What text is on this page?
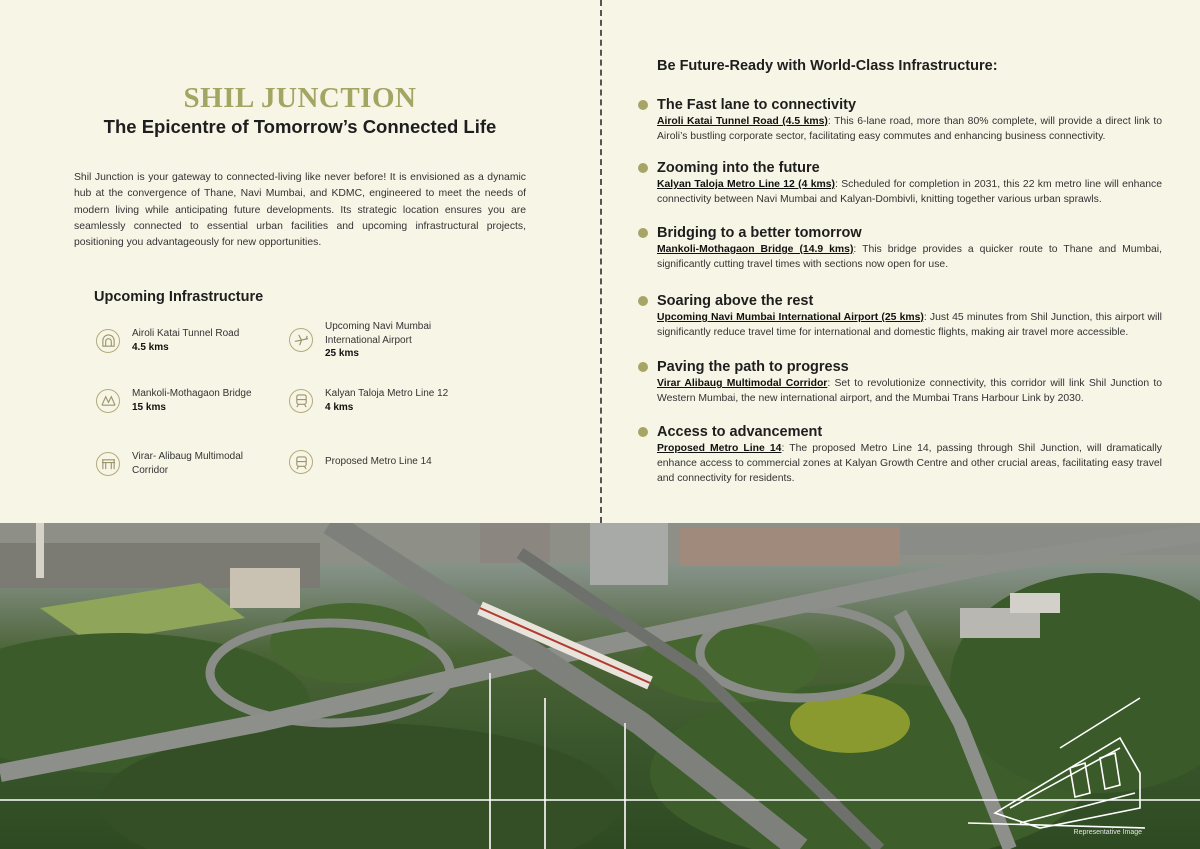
SHIL JUNCTION
The Epicentre of Tomorrow’s Connected Life

Shil Junction is your gateway to connected-living like never before! It is envisioned as a dynamic hub at the convergence of Thane, Navi Mumbai, and KDMC, engineered to meet the needs of modern living while anticipating future developments. Its strategic location ensures you are seamlessly connected to essential urban facilities and upcoming infrastructural projects, positioning you advantageously for new opportunities.

Upcoming Infrastructure
Airoli Katai Tunnel Road
4.5 kms
Upcoming Navi Mumbai International Airport
25 kms
Mankoli-Mothagaon Bridge
15 kms
Kalyan Taloja Metro Line 12
4 kms
Virar- Alibaug Multimodal Corridor
Proposed Metro Line 14
Be Future-Ready with World-Class Infrastructure:
The Fast lane to connectivity

Airoli Katai Tunnel Road (4.5 kms): This 6-lane road, more than 80% complete, will provide a direct link to Airoli’s bustling corporate sector, facilitating easy commutes and enhancing business connectivity.

Zooming into the future

Kalyan Taloja Metro Line 12 (4 kms): Scheduled for completion in 2031, this 22 km metro line will enhance connectivity between Navi Mumbai and Kalyan-Dombivli, knitting together various urban sprawls.

Bridging to a better tomorrow

Mankoli-Mothagaon Bridge (14.9 kms): This bridge provides a quicker route to Thane and Mumbai, significantly cutting travel times with sections now open for use.

Soaring above the rest

Upcoming Navi Mumbai International Airport (25 kms): Just 45 minutes from Shil Junction, this airport will significantly reduce travel time for international and domestic flights, making air travel more accessible.

Paving the path to progress

Virar Alibaug Multimodal Corridor: Set to revolutionize connectivity, this corridor will link Shil Junction to Western Mumbai, the new international airport, and the Mumbai Trans Harbour Link by 2030.

Access to advancement

Proposed Metro Line 14: The proposed Metro Line 14, passing through Shil Junction, will dramatically enhance access to commercial zones at Kalyan Growth Centre and other crucial areas, facilitating easy travel and connectivity for residents.

Representative Image
